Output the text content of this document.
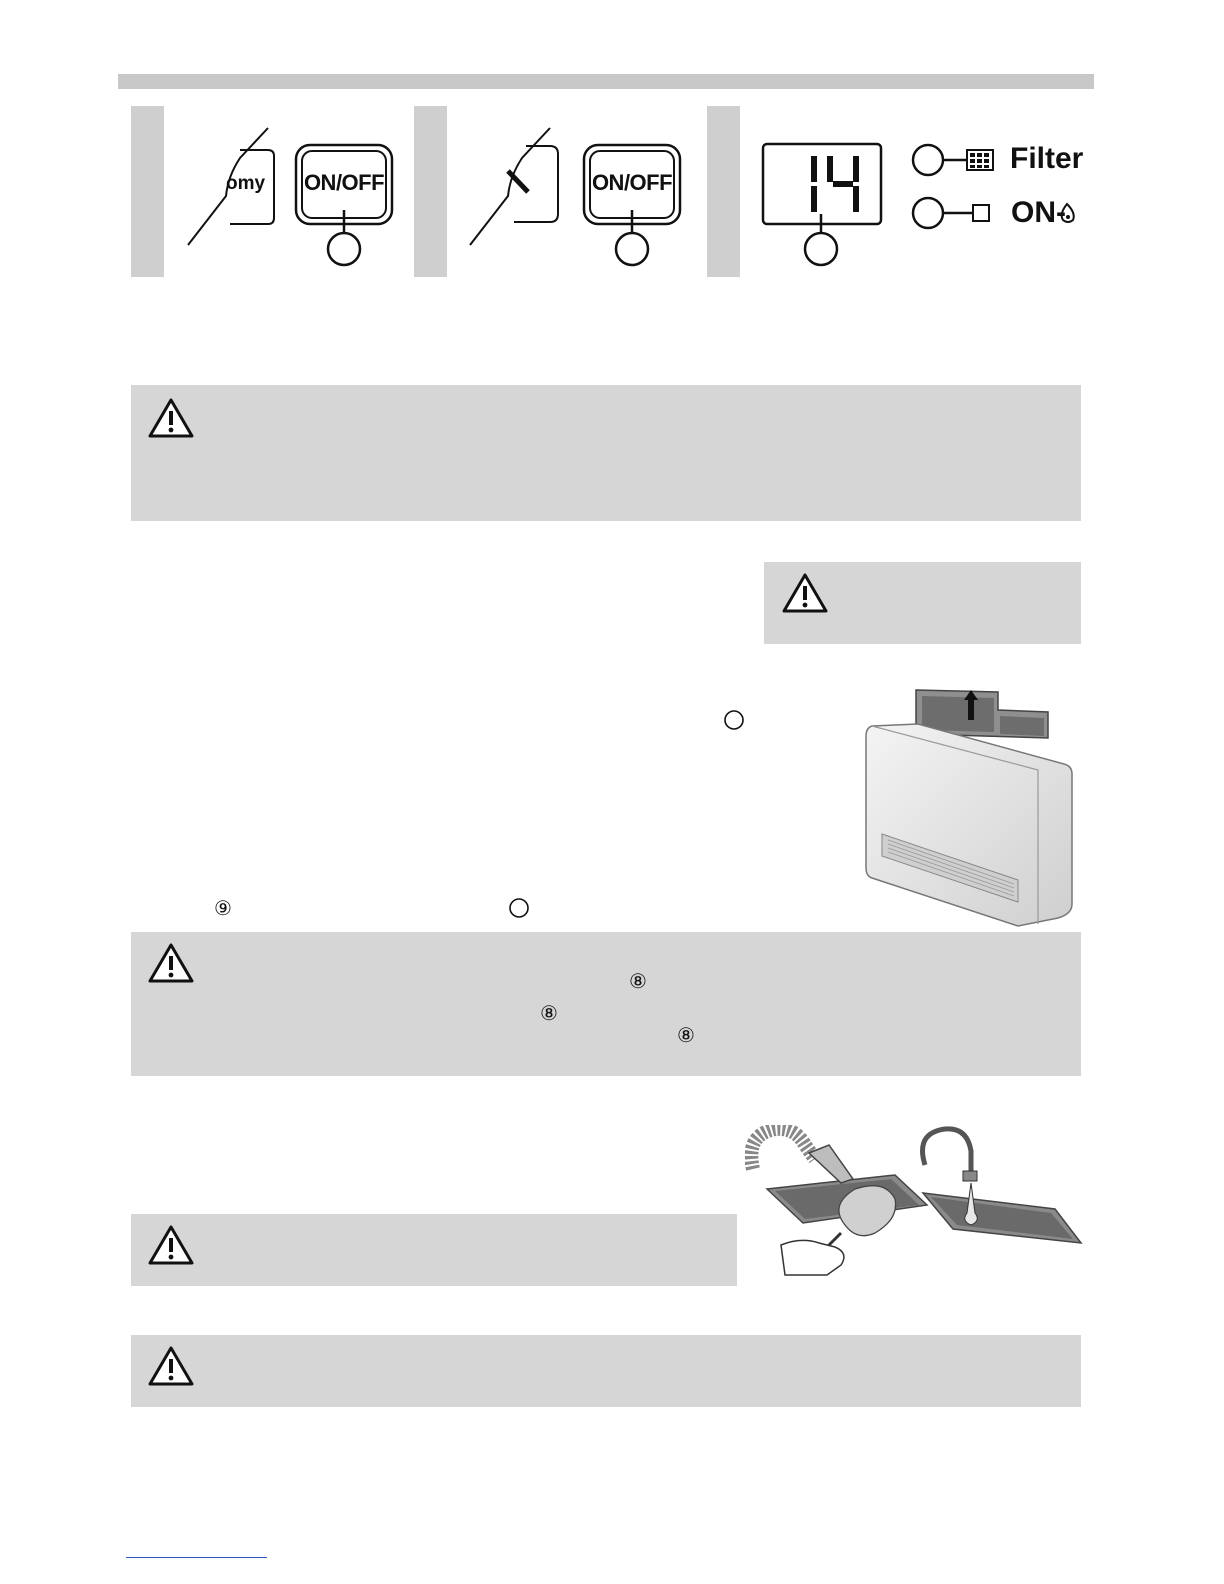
omy ON/OFF	ON/OFF
Filter
ON-
⑨
⑧
⑧
⑧
